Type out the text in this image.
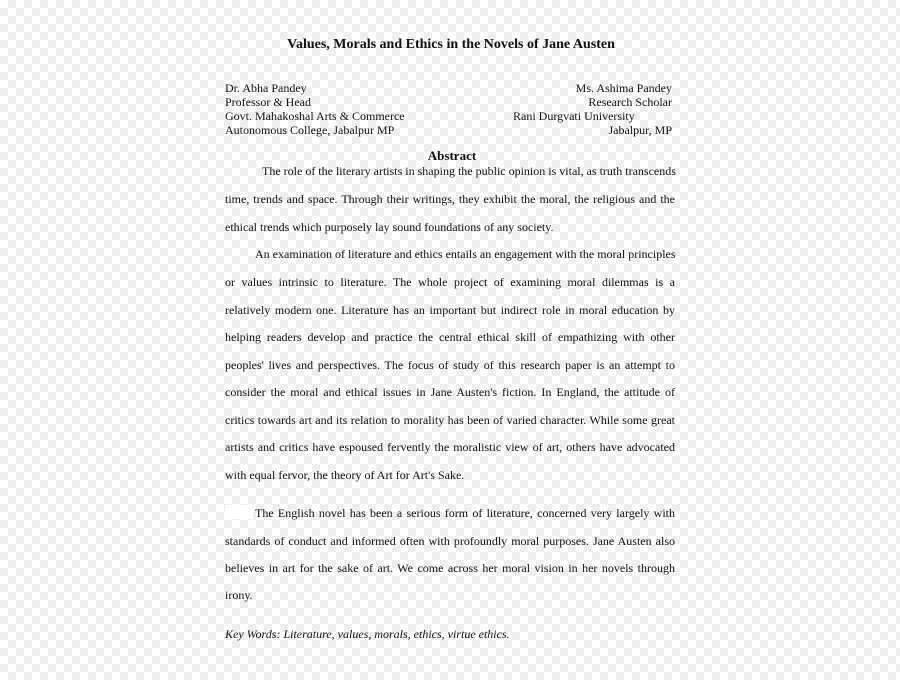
Values, Morals and Ethics in the Novels of Jane Austen
Dr. Abha Pandey
Professor & Head
Govt. Mahakoshal Arts & Commerce
Autonomous College, Jabalpur MP
Ms. Ashima Pandey
Research Scholar
Rani Durgvati University
Jabalpur, MP
Abstract
The role of the literary artists in shaping the public opinion is vital, as truth transcends
time, trends and space. Through their writings, they exhibit the moral, the religious and the
ethical trends which purposely lay sound foundations of any society.
An examination of literature and ethics entails an engagement with the moral principles
or values intrinsic to literature. The whole project of examining moral dilemmas is a
relatively modern one. Literature has an important but indirect role in moral education by
helping readers develop and practice the central ethical skill of empathizing with other
peoples' lives and perspectives. The focus of study of this research paper is an attempt to
consider the moral and ethical issues in Jane Austen's fiction. In England, the attitude of
critics towards art and its relation to morality has been of varied character. While some great
artists and critics have espoused fervently the moralistic view of art, others have advocated
with equal fervor, the theory of Art for Art's Sake.
The English novel has been a serious form of literature, concerned very largely with
standards of conduct and informed often with profoundly moral purposes. Jane Austen also
believes in art for the sake of art. We come across her moral vision in her novels through
irony.
Key Words: Literature, values, morals, ethics, virtue ethics.
